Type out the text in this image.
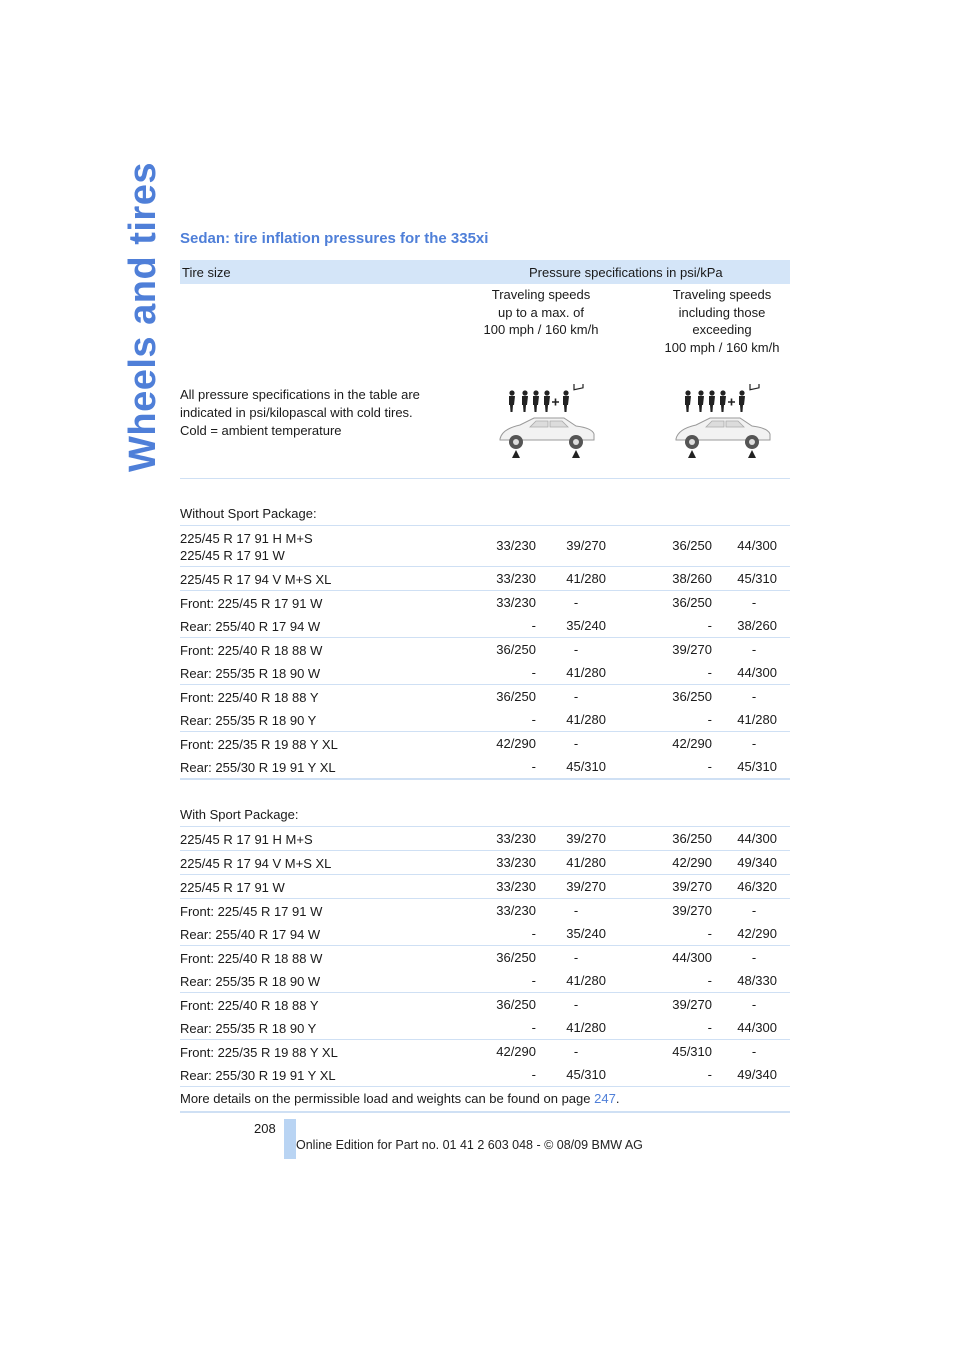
Wheels and tires Sedan: tire inflation pressures for the 335xi
Tire size	Pressure specifications in psi/kPa
Traveling speeds
up to a max. of
100 mph / 160 km/h
Traveling speeds
including those
exceeding
100 mph / 160 km/h
All pressure specifications in the table are
indicated in psi/kilopascal with cold tires.
Cold = ambient temperature
Without Sport Package:
225/45 R 17 91 H M+S
225/45 R 17 91 W
33/230	39/270	36/250	44/300
225/45 R 17 94 V M+S XL	33/230	41/280	38/260	45/310
Front: 225/45 R 17 91 W	33/230	-	36/250	-
Rear: 255/40 R 17 94 W	-	35/240	-	38/260
Front: 225/40 R 18 88 W	36/250	-	39/270	-
Rear: 255/35 R 18 90 W	-	41/280	-	44/300
Front: 225/40 R 18 88 Y	36/250	-	36/250	-
Rear: 255/35 R 18 90 Y	-	41/280	-	41/280
Front: 225/35 R 19 88 Y XL	42/290	-	42/290	-
Rear: 255/30 R 19 91 Y XL	-	45/310	-	45/310
With Sport Package:
225/45 R 17 91 H M+S	33/230	39/270	36/250	44/300
225/45 R 17 94 V M+S XL	33/230	41/280	42/290	49/340
225/45 R 17 91 W	33/230	39/270	39/270	46/320
Front: 225/45 R 17 91 W	33/230	-	39/270	-
Rear: 255/40 R 17 94 W	-	35/240	-	42/290
Front: 225/40 R 18 88 W	36/250	-	44/300	-
Rear: 255/35 R 18 90 W	-	41/280	-	48/330
Front: 225/40 R 18 88 Y	36/250	-	39/270	-
Rear: 255/35 R 18 90 Y	-	41/280	-	44/300
Front: 225/35 R 19 88 Y XL	42/290	-	45/310	-
Rear: 255/30 R 19 91 Y XL	-	45/310	-	49/340
More details on the permissible load and weights can be found on page 247.
208
Online Edition for Part no. 01 41 2 603 048 - © 08/09 BMW AG
